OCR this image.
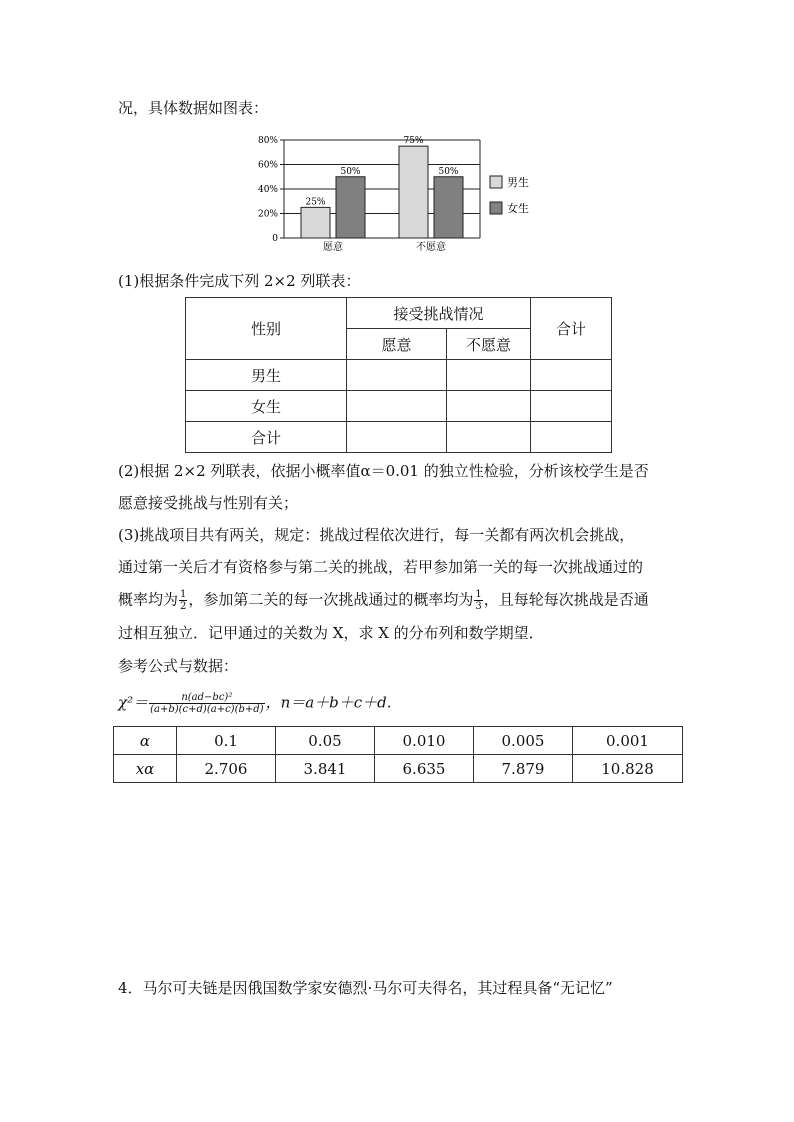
况，具体数据如图表：
0
20%
40%
60%
80%
25%
50%
愿意
75%
50%
不愿意
男生
女生
(1)根据条件完成下列 2×2 列联表：
性别	接受挑战情况		合计
	愿意	不愿意	
男生			
女生			
合计			
(2)根据 2×2 列联表，依据小概率值α＝0.01 的独立性检验，分析该校学生是否
愿意接受挑战与性别有关；
(3)挑战项目共有两关，规定：挑战过程依次进行，每一关都有两次机会挑战，
通过第一关后才有资格参与第二关的挑战，若甲参加第一关的每一次挑战通过的
概率均为 $\frac{1}{2}$ ，参加第二关的每一次挑战通过的概率均为 $\frac{1}{3}$ ，且每轮每次挑战是否通
过相互独立．记甲通过的关数为 X，求 X 的分布列和数学期望．
参考公式与数据：
$\chi^2= \frac{\text{n(ad−bc)²}}{(a+b)(c+d)(a+c)(b+d)}$ ，n＝a＋b＋c＋d.
α	0.1	0.05	0.010	0.005	0.001
xα	2.706	3.841	6.635	7.879	10.828
4．马尔可夫链是因俄国数学家安德烈·马尔可夫得名，其过程具备“无记忆”
